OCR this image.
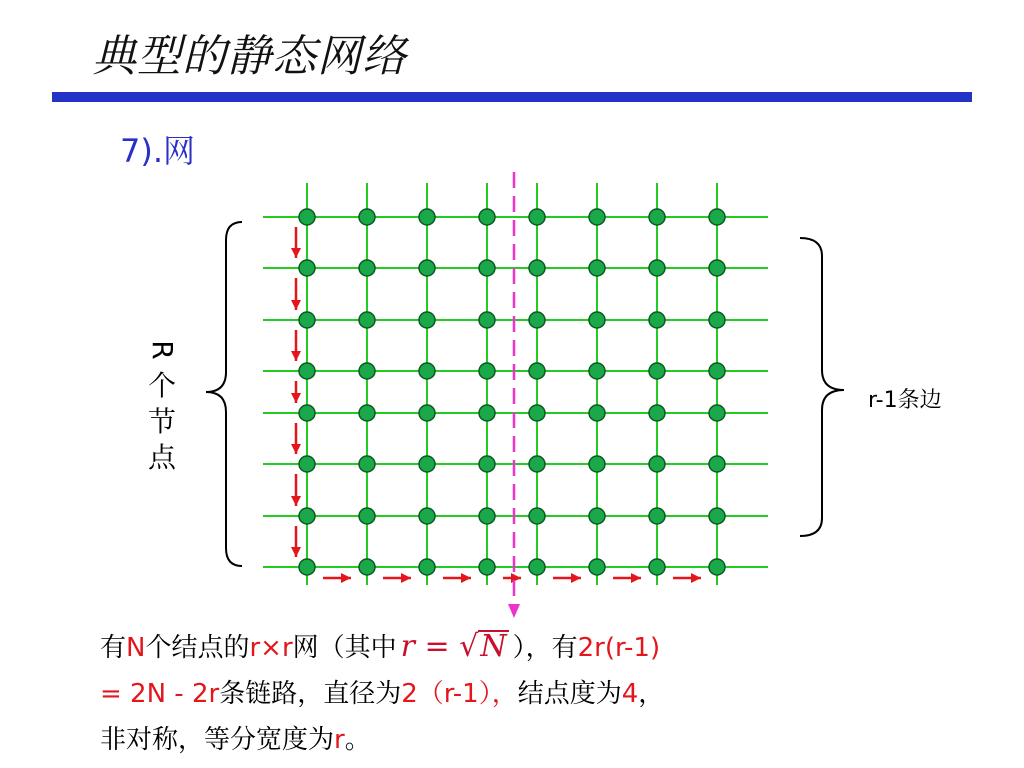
典型的静态网络
7).网
R
个
节
点
r-1条边
有N个结点的r×r网（其中 r = √N ），有2r(r-1)
= 2N - 2r条链路，直径为2（r-1），结点度为4，
非对称，等分宽度为r。
